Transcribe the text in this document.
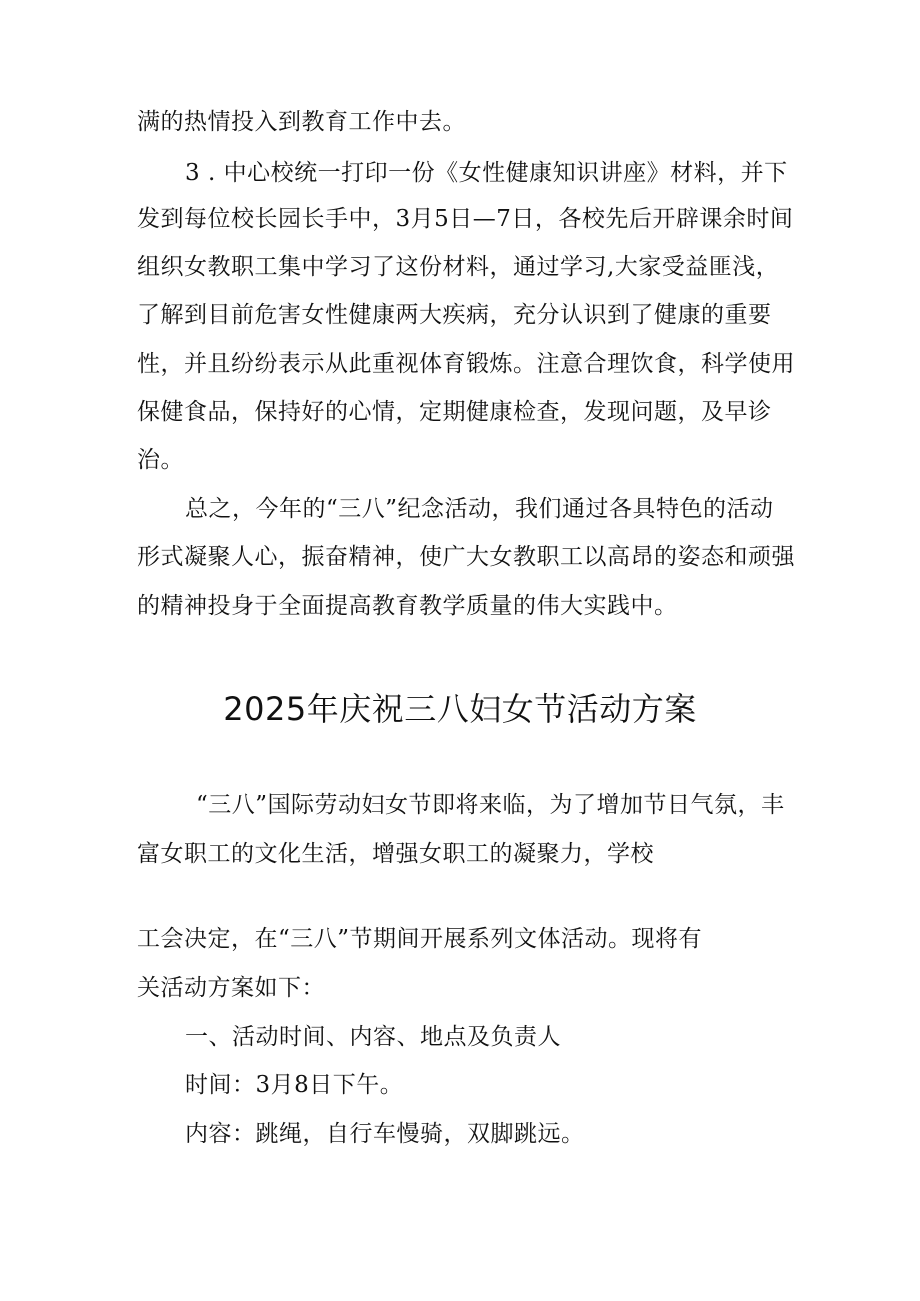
满的热情投入到教育工作中去。
3 . 中心校统一打印一份《女性健康知识讲座》材料，并下
发到每位校长园长手中，3月5日—7日，各校先后开辟课余时间
组织女教职工集中学习了这份材料，通过学习,大家受益匪浅，
了解到目前危害女性健康两大疾病，充分认识到了健康的重要
性，并且纷纷表示从此重视体育锻炼。注意合理饮食，科学使用
保健食品，保持好的心情，定期健康检查，发现问题，及早诊
治。
总之，今年的“三八”纪念活动，我们通过各具特色的活动
形式凝聚人心，振奋精神，使广大女教职工以高昂的姿态和顽强
的精神投身于全面提高教育教学质量的伟大实践中。
2025年庆祝三八妇女节活动方案
“三八”国际劳动妇女节即将来临，为了增加节日气氛，丰
富女职工的文化生活，增强女职工的凝聚力，学校
工会决定，在“三八”节期间开展系列文体活动。现将有
关活动方案如下：
一、活动时间、内容、地点及负责人
时间：3月8日下午。
内容：跳绳，自行车慢骑，双脚跳远。
